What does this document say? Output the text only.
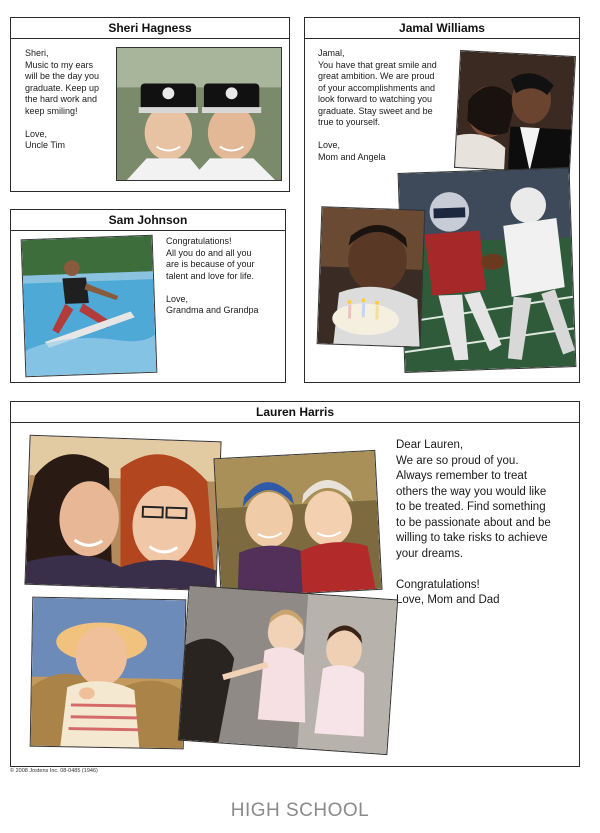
Sheri Hagness
Sheri,
Music to my ears
will be the day you
graduate. Keep up
the hard work and
keep smiling!

Love,
Uncle Tim
Jamal Williams
Jamal,
You have that great smile and
great ambition. We are proud
of your accomplishments and
look forward to watching you
graduate. Stay sweet and be
true to yourself.

Love,
Mom and Angela
Sam Johnson
Congratulations!
All you do and all you
are is because of your
talent and love for life.

Love,
Grandma and Grandpa
Lauren Harris
Dear Lauren,
We are so proud of you.
Always remember to treat
others the way you would like
to be treated. Find something
to be passionate about and be
willing to take risks to achieve
your dreams.

Congratulations!
Love, Mom and Dad
© 2008 Jostens Inc. 08-0485 (1946)
HIGH SCHOOL
